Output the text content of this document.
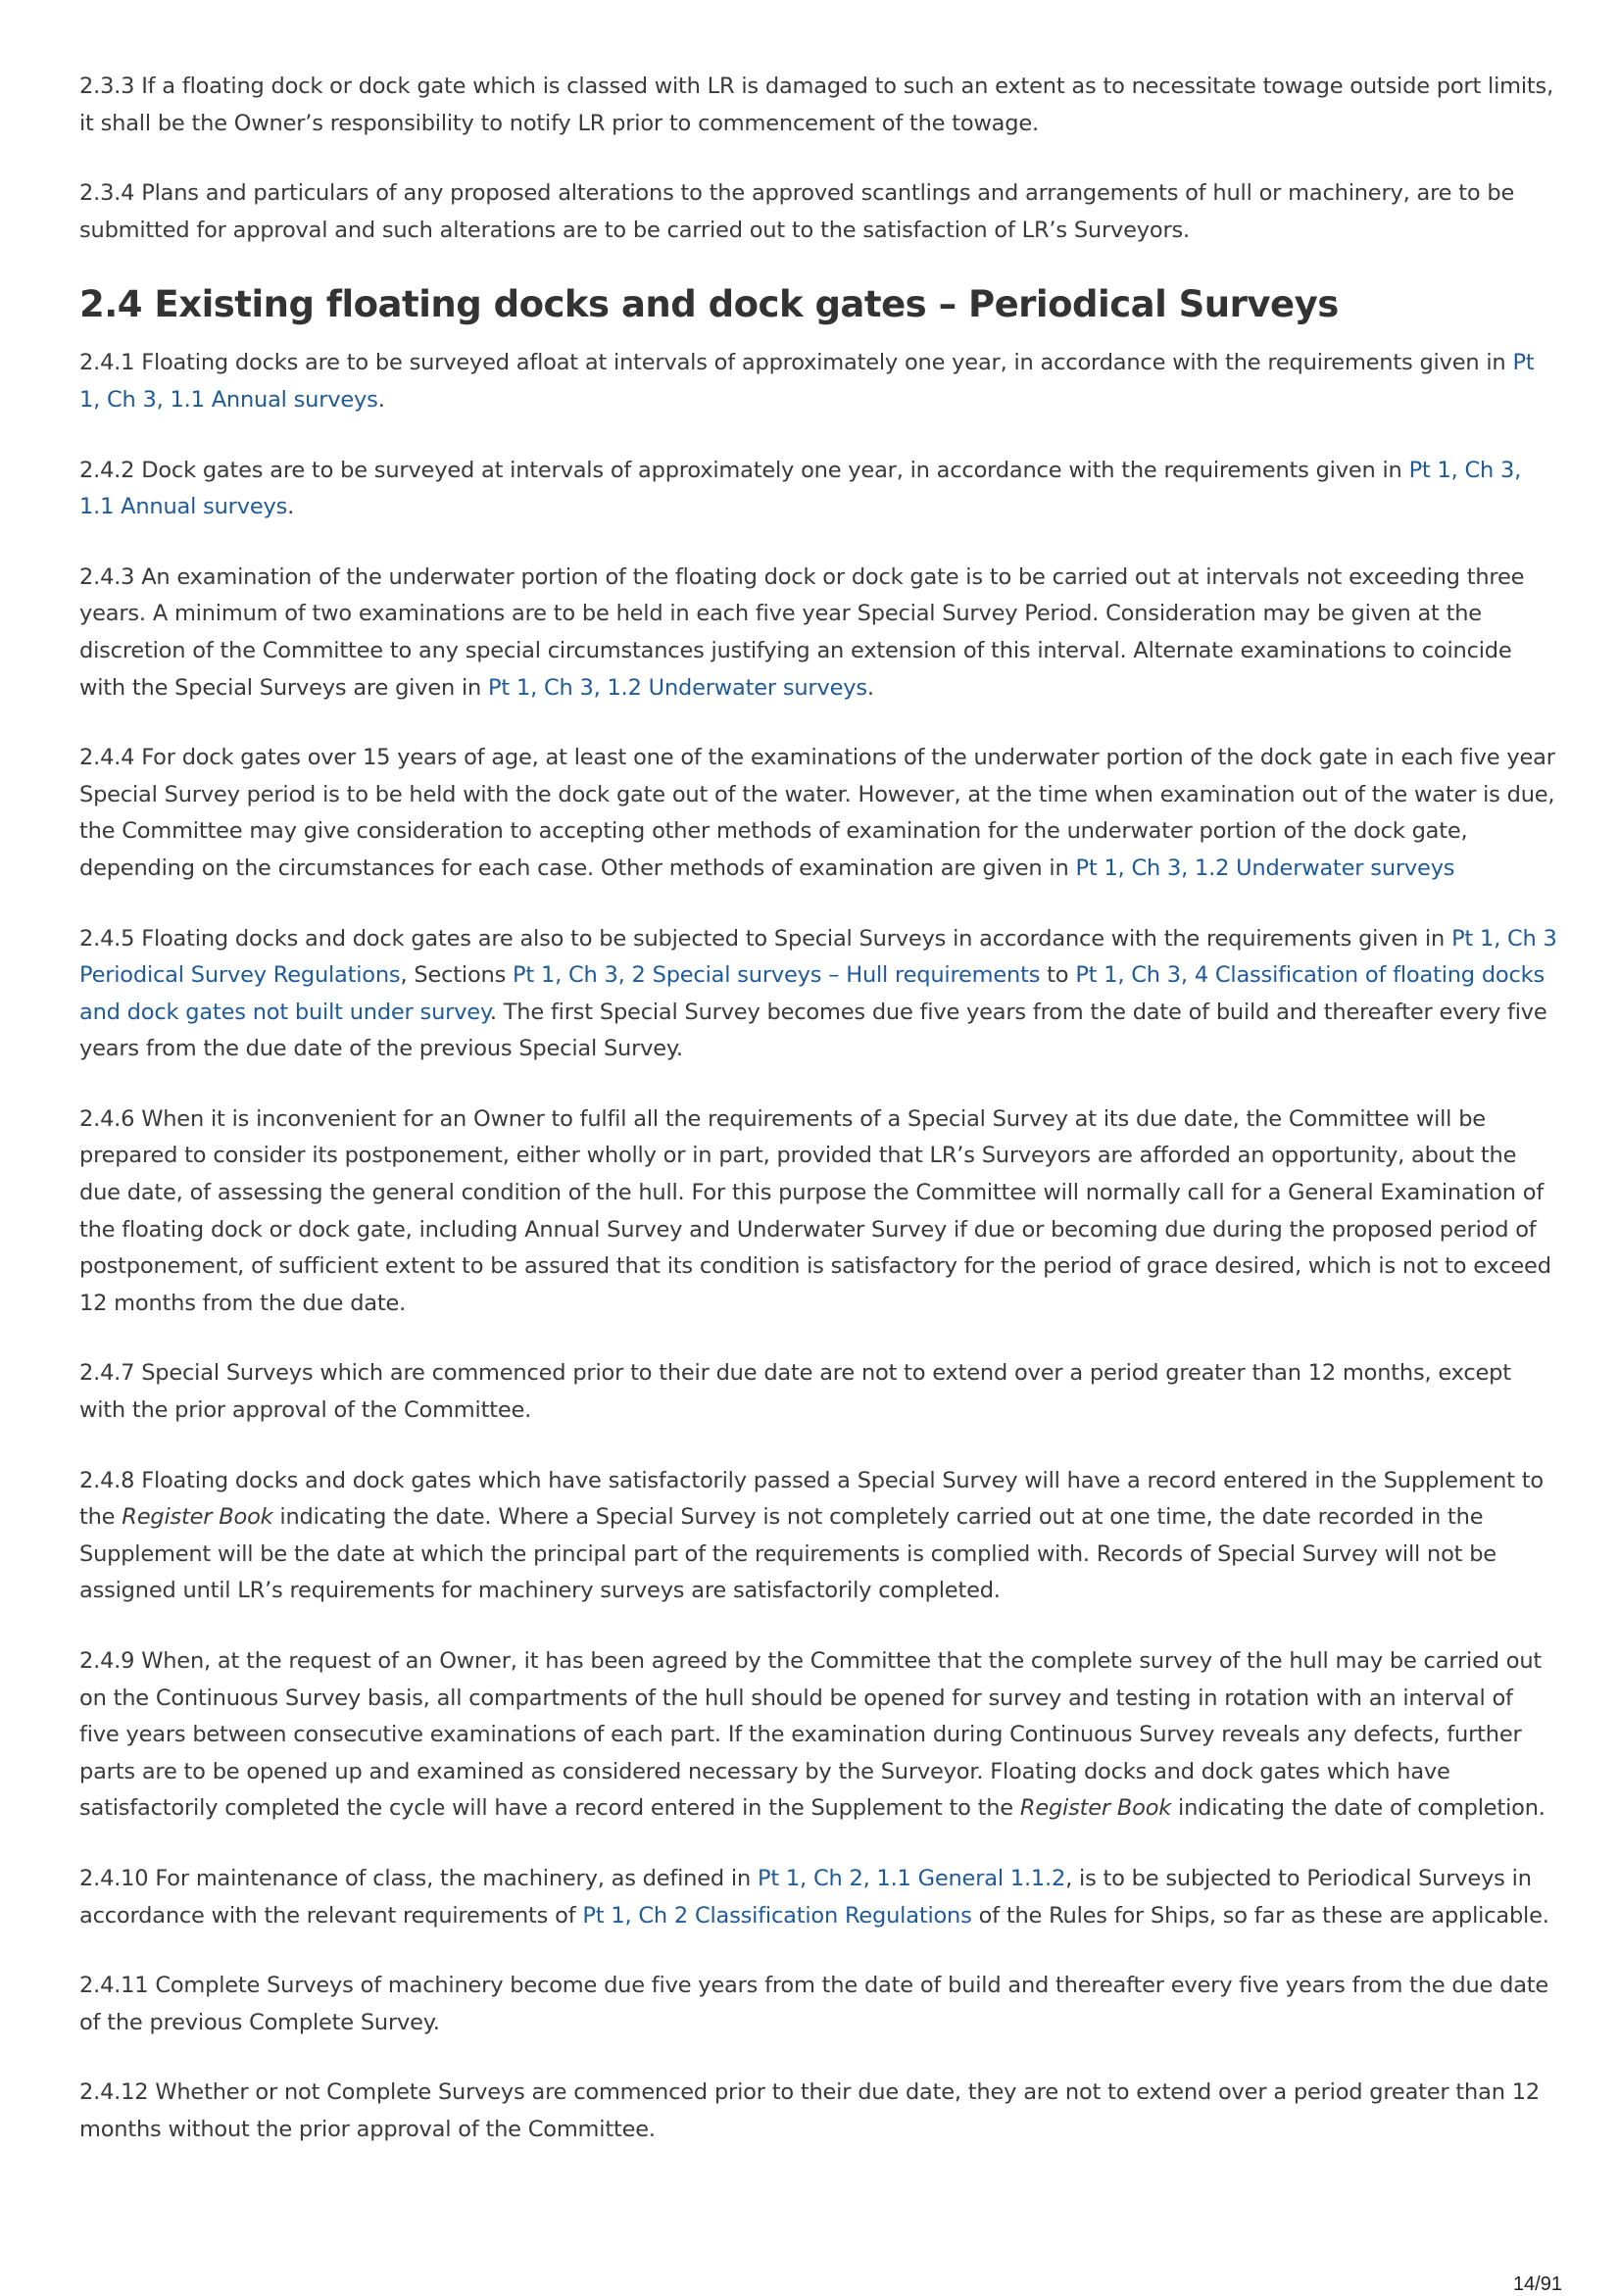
2.3.3 If a floating dock or dock gate which is classed with LR is damaged to such an extent as to necessitate towage outside port limits, it shall be the Owner’s responsibility to notify LR prior to commencement of the towage.

2.3.4 Plans and particulars of any proposed alterations to the approved scantlings and arrangements of hull or machinery, are to be submitted for approval and such alterations are to be carried out to the satisfaction of LR’s Surveyors.

2.4 Existing floating docks and dock gates – Periodical Surveys

2.4.1 Floating docks are to be surveyed afloat at intervals of approximately one year, in accordance with the requirements given in Pt 1, Ch 3, 1.1 Annual surveys.

2.4.2 Dock gates are to be surveyed at intervals of approximately one year, in accordance with the requirements given in Pt 1, Ch 3, 1.1 Annual surveys.

2.4.3 An examination of the underwater portion of the floating dock or dock gate is to be carried out at intervals not exceeding three years. A minimum of two examinations are to be held in each five year Special Survey Period. Consideration may be given at the discretion of the Committee to any special circumstances justifying an extension of this interval. Alternate examinations to coincide with the Special Surveys are given in Pt 1, Ch 3, 1.2 Underwater surveys.

2.4.4 For dock gates over 15 years of age, at least one of the examinations of the underwater portion of the dock gate in each five year Special Survey period is to be held with the dock gate out of the water. However, at the time when examination out of the water is due, the Committee may give consideration to accepting other methods of examination for the underwater portion of the dock gate, depending on the circumstances for each case. Other methods of examination are given in Pt 1, Ch 3, 1.2 Underwater surveys

2.4.5 Floating docks and dock gates are also to be subjected to Special Surveys in accordance with the requirements given in Pt 1, Ch 3 Periodical Survey Regulations, Sections Pt 1, Ch 3, 2 Special surveys – Hull requirements to Pt 1, Ch 3, 4 Classification of floating docks and dock gates not built under survey. The first Special Survey becomes due five years from the date of build and thereafter every five years from the due date of the previous Special Survey.

2.4.6 When it is inconvenient for an Owner to fulfil all the requirements of a Special Survey at its due date, the Committee will be prepared to consider its postponement, either wholly or in part, provided that LR’s Surveyors are afforded an opportunity, about the due date, of assessing the general condition of the hull. For this purpose the Committee will normally call for a General Examination of the floating dock or dock gate, including Annual Survey and Underwater Survey if due or becoming due during the proposed period of postponement, of sufficient extent to be assured that its condition is satisfactory for the period of grace desired, which is not to exceed 12 months from the due date.

2.4.7 Special Surveys which are commenced prior to their due date are not to extend over a period greater than 12 months, except with the prior approval of the Committee.

2.4.8 Floating docks and dock gates which have satisfactorily passed a Special Survey will have a record entered in the Supplement to the Register Book indicating the date. Where a Special Survey is not completely carried out at one time, the date recorded in the Supplement will be the date at which the principal part of the requirements is complied with. Records of Special Survey will not be assigned until LR’s requirements for machinery surveys are satisfactorily completed.

2.4.9 When, at the request of an Owner, it has been agreed by the Committee that the complete survey of the hull may be carried out on the Continuous Survey basis, all compartments of the hull should be opened for survey and testing in rotation with an interval of five years between consecutive examinations of each part. If the examination during Continuous Survey reveals any defects, further parts are to be opened up and examined as considered necessary by the Surveyor. Floating docks and dock gates which have satisfactorily completed the cycle will have a record entered in the Supplement to the Register Book indicating the date of completion.

2.4.10 For maintenance of class, the machinery, as defined in Pt 1, Ch 2, 1.1 General 1.1.2, is to be subjected to Periodical Surveys in accordance with the relevant requirements of Pt 1, Ch 2 Classification Regulations of the Rules for Ships, so far as these are applicable.

2.4.11 Complete Surveys of machinery become due five years from the date of build and thereafter every five years from the due date of the previous Complete Survey.

2.4.12 Whether or not Complete Surveys are commenced prior to their due date, they are not to extend over a period greater than 12 months without the prior approval of the Committee.

14/91
